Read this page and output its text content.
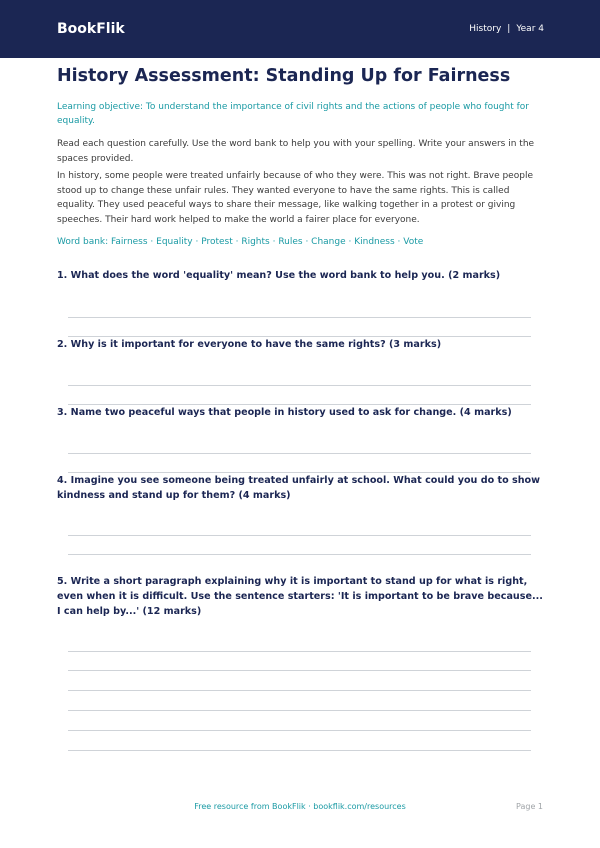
BookFlik	History | Year 4
History Assessment: Standing Up for Fairness
Learning objective: To understand the importance of civil rights and the actions of people who fought for equality.
Read each question carefully. Use the word bank to help you with your spelling. Write your answers in the spaces provided.
In history, some people were treated unfairly because of who they were. This was not right. Brave people stood up to change these unfair rules. They wanted everyone to have the same rights. This is called equality. They used peaceful ways to share their message, like walking together in a protest or giving speeches. Their hard work helped to make the world a fairer place for everyone.
Word bank: Fairness · Equality · Protest · Rights · Rules · Change · Kindness · Vote
1. What does the word 'equality' mean? Use the word bank to help you. (2 marks)
2. Why is it important for everyone to have the same rights? (3 marks)
3. Name two peaceful ways that people in history used to ask for change. (4 marks)
4. Imagine you see someone being treated unfairly at school. What could you do to show kindness and stand up for them? (4 marks)
5. Write a short paragraph explaining why it is important to stand up for what is right, even when it is difficult. Use the sentence starters: 'It is important to be brave because... I can help by...' (12 marks)
Free resource from BookFlik · bookflik.com/resources	Page 1
